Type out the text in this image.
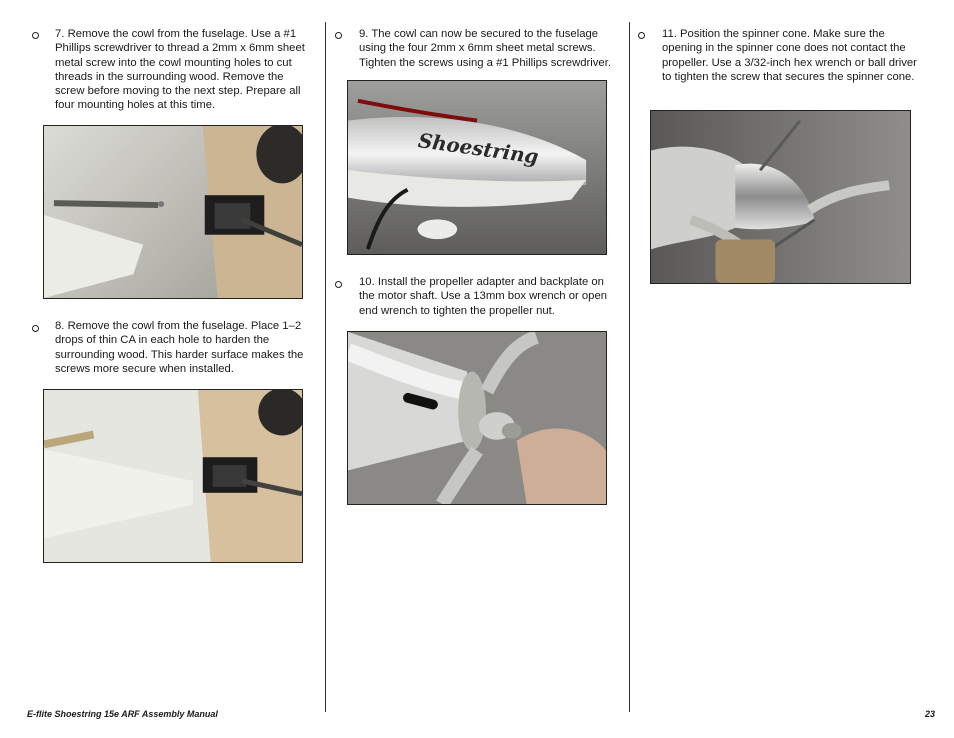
7. Remove the cowl from the fuselage. Use a #1 Phillips screwdriver to thread a 2mm x 6mm sheet metal screw into the cowl mounting holes to cut threads in the surrounding wood. Remove the screw before moving to the next step. Prepare all four mounting holes at this time.
8. Remove the cowl from the fuselage. Place 1–2 drops of thin CA in each hole to harden the surrounding wood. This harder surface makes the screws more secure when installed.
9. The cowl can now be secured to the fuselage using the four 2mm x 6mm sheet metal screws. Tighten the screws using a #1 Phillips screwdriver.
Shoestring
10. Install the propeller adapter and backplate on the motor shaft. Use a 13mm box wrench or open end wrench to tighten the propeller nut.
11. Position the spinner cone. Make sure the opening in the spinner cone does not contact the propeller. Use a 3/32-inch hex wrench or ball driver to tighten the screw that secures the spinner cone.
E-flite Shoestring 15e ARF Assembly Manual	23
